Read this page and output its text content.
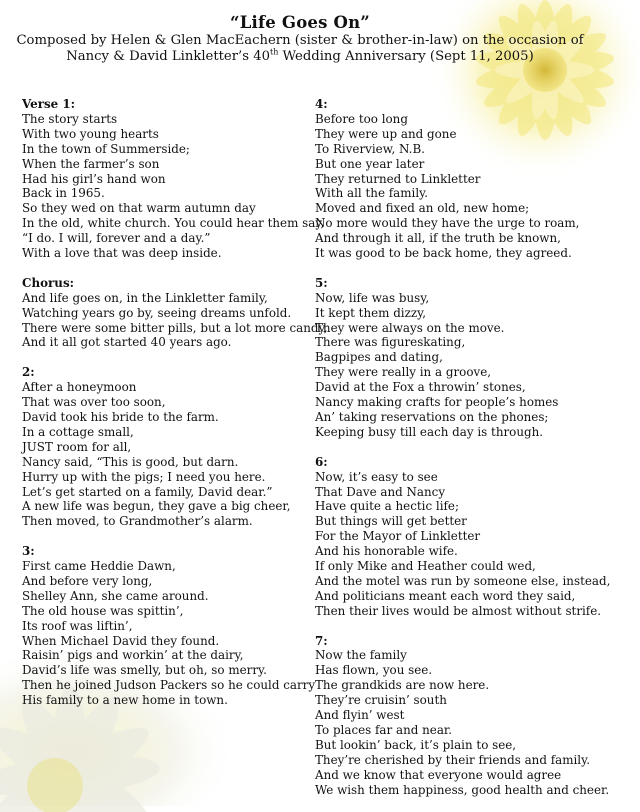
“Life Goes On”
Composed by Helen & Glen MacEachern (sister & brother-in-law) on the occasion of
Nancy & David Linkletter’s 40th Wedding Anniversary (Sept 11, 2005)
Verse 1:
The story starts
With two young hearts
In the town of Summerside;
When the farmer’s son
Had his girl’s hand won
Back in 1965.
So they wed on that warm autumn day
In the old, white church. You could hear them say,
“I do. I will, forever and a day.”
With a love that was deep inside.
Chorus:
And life goes on, in the Linkletter family,
Watching years go by, seeing dreams unfold.
There were some bitter pills, but a lot more candy,
And it all got started 40 years ago.
2:
After a honeymoon
That was over too soon,
David took his bride to the farm.
In a cottage small,
JUST room for all,
Nancy said, “This is good, but darn.
Hurry up with the pigs; I need you here.
Let’s get started on a family, David dear.”
A new life was begun, they gave a big cheer,
Then moved, to Grandmother’s alarm.
3:
First came Heddie Dawn,
And before very long,
Shelley Ann, she came around.
The old house was spittin’,
Its roof was liftin’,
When Michael David they found.
Raisin’ pigs and workin’ at the dairy,
David’s life was smelly, but oh, so merry.
Then he joined Judson Packers so he could carry
His family to a new home in town.
4:
Before too long
They were up and gone
To Riverview, N.B.
But one year later
They returned to Linkletter
With all the family.
Moved and fixed an old, new home;
No more would they have the urge to roam,
And through it all, if the truth be known,
It was good to be back home, they agreed.
5:
Now, life was busy,
It kept them dizzy,
They were always on the move.
There was figureskating,
Bagpipes and dating,
They were really in a groove,
David at the Fox a throwin’ stones,
Nancy making crafts for people’s homes
An’ taking reservations on the phones;
Keeping busy till each day is through.
6:
Now, it’s easy to see
That Dave and Nancy
Have quite a hectic life;
But things will get better
For the Mayor of Linkletter
And his honorable wife.
If only Mike and Heather could wed,
And the motel was run by someone else, instead,
And politicians meant each word they said,
Then their lives would be almost without strife.
7:
Now the family
Has flown, you see.
The grandkids are now here.
They’re cruisin’ south
And flyin’ west
To places far and near.
But lookin’ back, it’s plain to see,
They’re cherished by their friends and family.
And we know that everyone would agree
We wish them happiness, good health and cheer.
